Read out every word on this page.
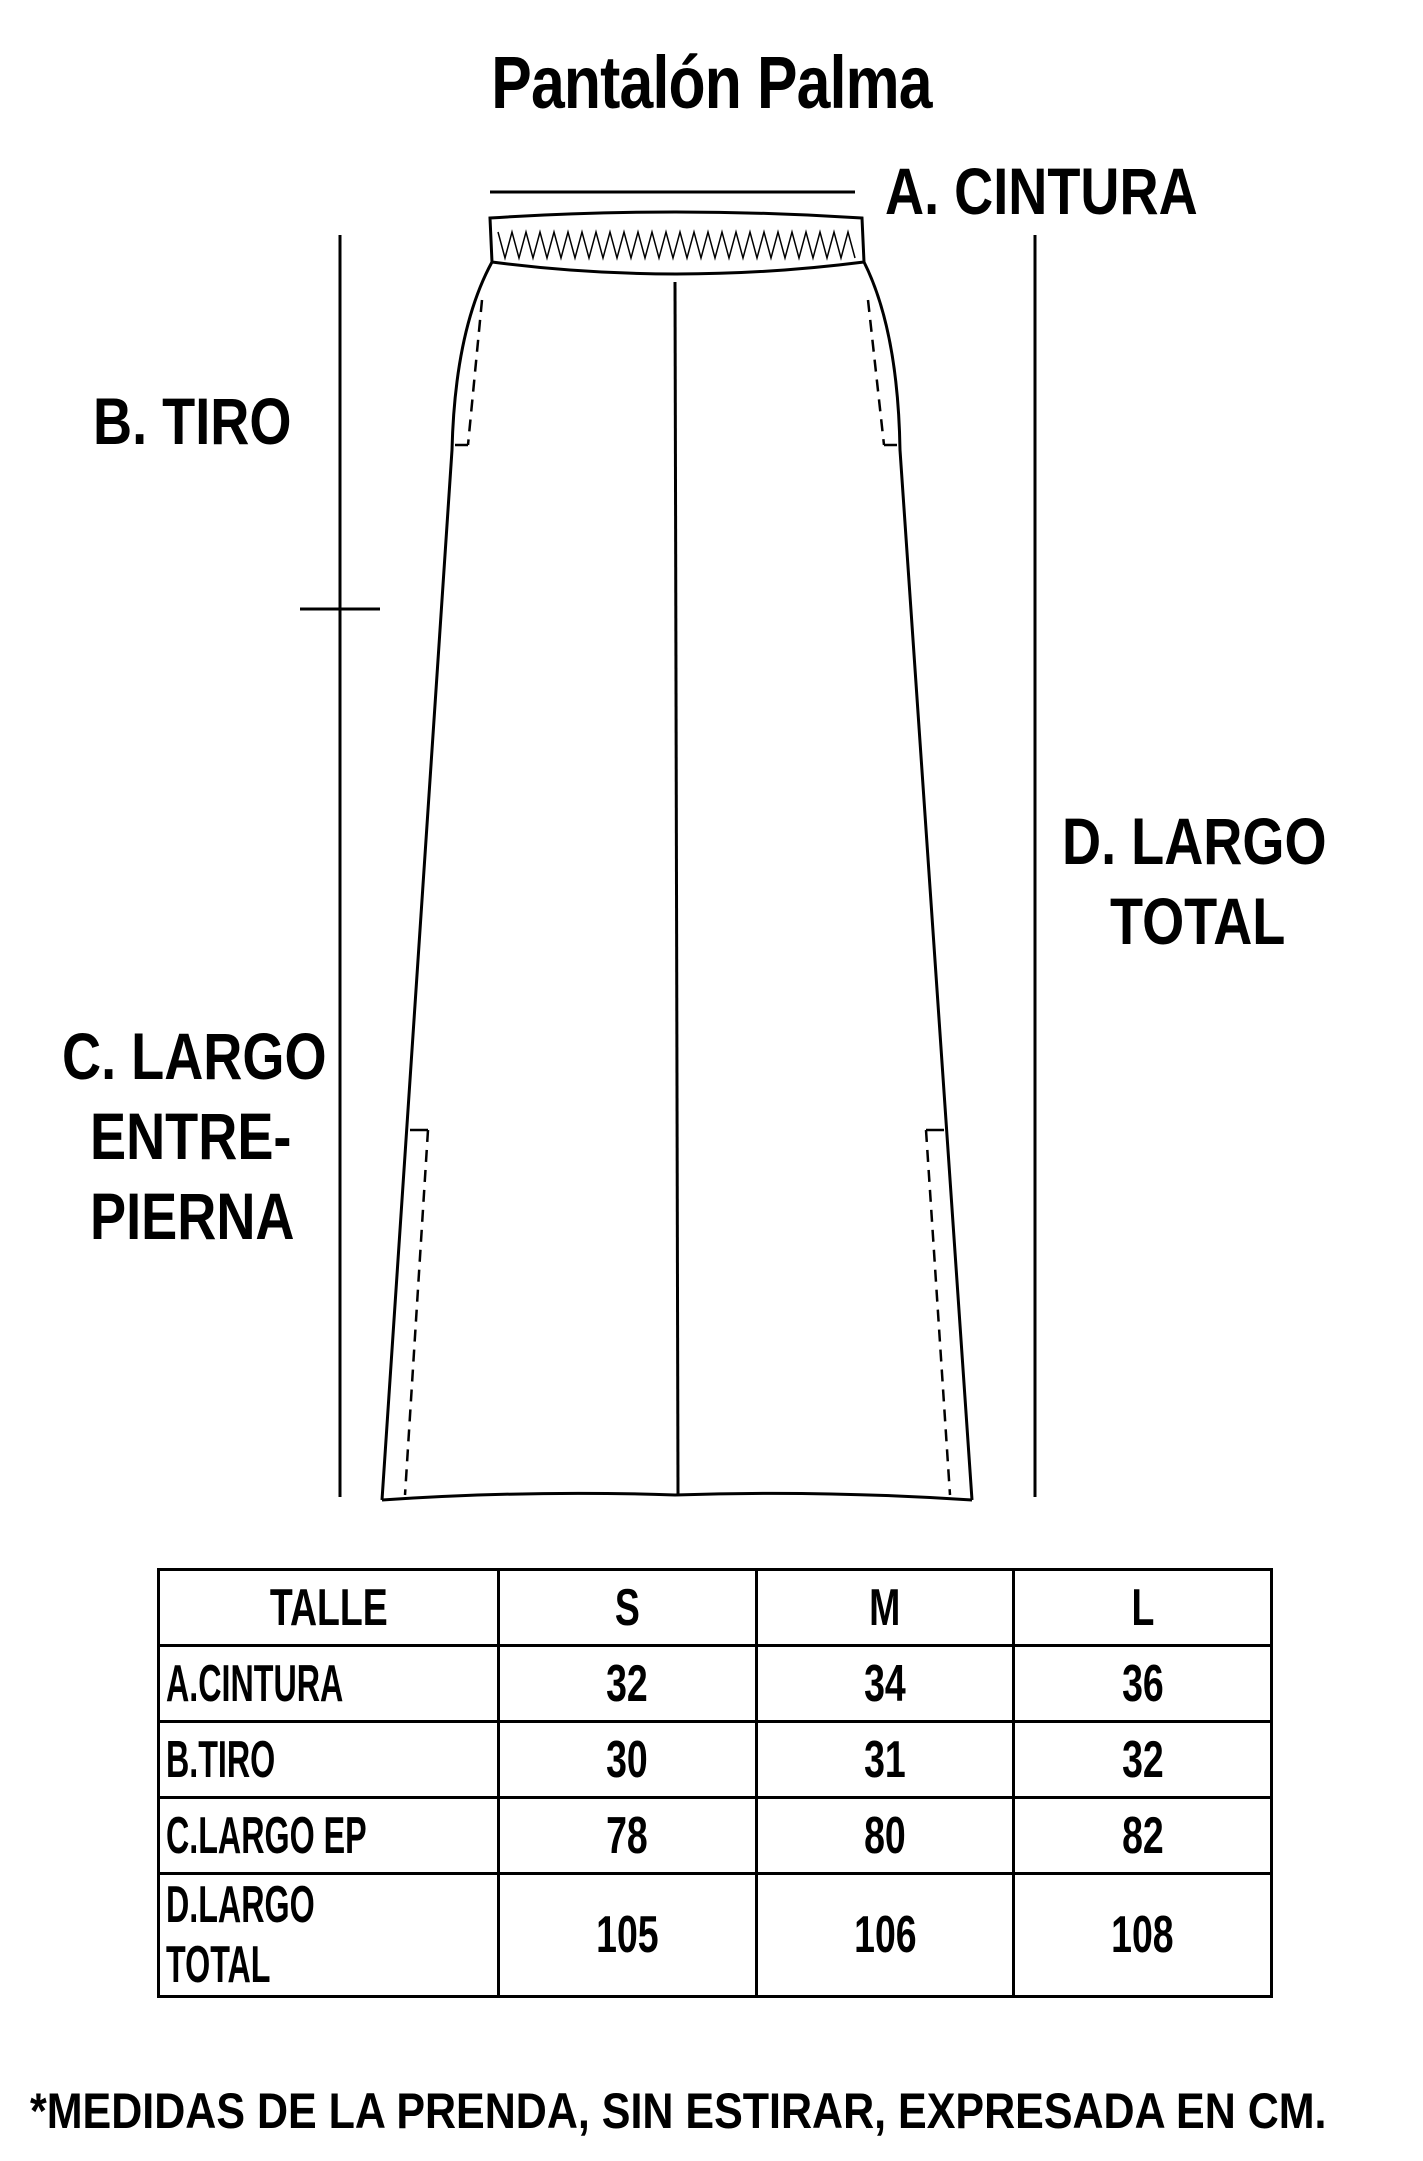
Pantalón Palma
A. CINTURA
B. TIRO
D. LARGO
TOTAL
C. LARGO
ENTRE-
PIERNA
TALLE	S	M	L
A.CINTURA	32	34	36
B.TIRO	30	31	32
C.LARGO EP	78	80	82
D.LARGO TOTAL	105	106	108
*MEDIDAS DE LA PRENDA, SIN ESTIRAR, EXPRESADA EN CM.
